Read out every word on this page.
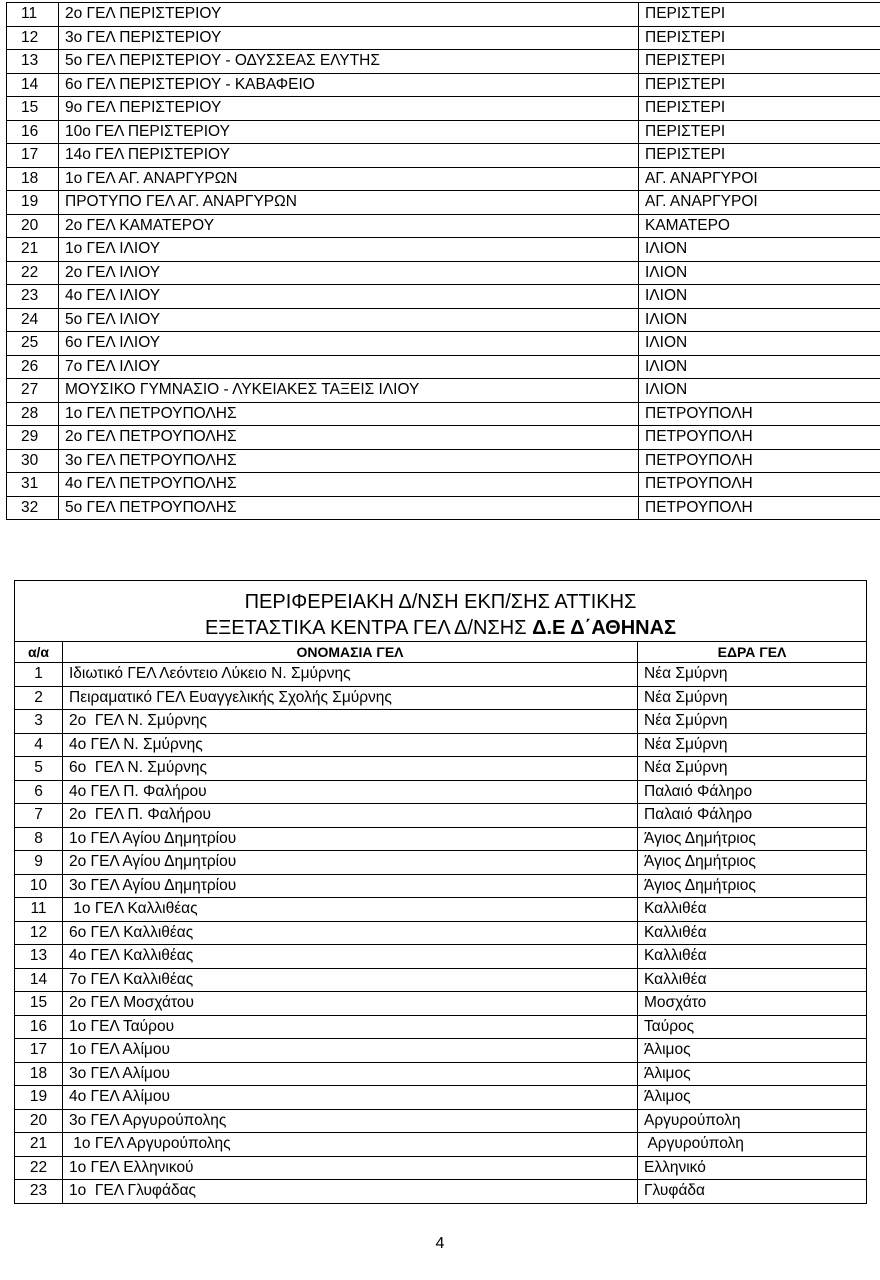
11	2ο ΓΕΛ ΠΕΡΙΣΤΕΡΙΟΥ	ΠΕΡΙΣΤΕΡΙ
12	3ο ΓΕΛ ΠΕΡΙΣΤΕΡΙΟΥ	ΠΕΡΙΣΤΕΡΙ
13	5ο ΓΕΛ ΠΕΡΙΣΤΕΡΙΟΥ - ΟΔΥΣΣΕΑΣ ΕΛΥΤΗΣ	ΠΕΡΙΣΤΕΡΙ
14	6ο ΓΕΛ ΠΕΡΙΣΤΕΡΙΟΥ - ΚΑΒΑΦΕΙΟ	ΠΕΡΙΣΤΕΡΙ
15	9ο ΓΕΛ ΠΕΡΙΣΤΕΡΙΟΥ	ΠΕΡΙΣΤΕΡΙ
16	10ο ΓΕΛ ΠΕΡΙΣΤΕΡΙΟΥ	ΠΕΡΙΣΤΕΡΙ
17	14ο ΓΕΛ ΠΕΡΙΣΤΕΡΙΟΥ	ΠΕΡΙΣΤΕΡΙ
18	1ο ΓΕΛ ΑΓ. ΑΝΑΡΓΥΡΩΝ	ΑΓ. ΑΝΑΡΓΥΡΟΙ
19	ΠΡΟΤΥΠΟ ΓΕΛ ΑΓ. ΑΝΑΡΓΥΡΩΝ	ΑΓ. ΑΝΑΡΓΥΡΟΙ
20	2ο ΓΕΛ ΚΑΜΑΤΕΡΟΥ	ΚΑΜΑΤΕΡΟ
21	1ο ΓΕΛ ΙΛΙΟΥ	ΙΛΙΟΝ
22	2ο ΓΕΛ ΙΛΙΟΥ	ΙΛΙΟΝ
23	4ο ΓΕΛ ΙΛΙΟΥ	ΙΛΙΟΝ
24	5ο ΓΕΛ ΙΛΙΟΥ	ΙΛΙΟΝ
25	6ο ΓΕΛ ΙΛΙΟΥ	ΙΛΙΟΝ
26	7ο ΓΕΛ ΙΛΙΟΥ	ΙΛΙΟΝ
27	ΜΟΥΣΙΚΟ ΓΥΜΝΑΣΙΟ - ΛΥΚΕΙΑΚΕΣ ΤΑΞΕΙΣ ΙΛΙΟΥ	ΙΛΙΟΝ
28	1ο ΓΕΛ ΠΕΤΡΟΥΠΟΛΗΣ	ΠΕΤΡΟΥΠΟΛΗ
29	2ο ΓΕΛ ΠΕΤΡΟΥΠΟΛΗΣ	ΠΕΤΡΟΥΠΟΛΗ
30	3ο ΓΕΛ ΠΕΤΡΟΥΠΟΛΗΣ	ΠΕΤΡΟΥΠΟΛΗ
31	4ο ΓΕΛ ΠΕΤΡΟΥΠΟΛΗΣ	ΠΕΤΡΟΥΠΟΛΗ
32	5ο ΓΕΛ ΠΕΤΡΟΥΠΟΛΗΣ	ΠΕΤΡΟΥΠΟΛΗ
ΠΕΡΙΦΕΡΕΙΑΚΗ Δ/ΝΣΗ ΕΚΠ/ΣΗΣ ΑΤΤΙΚΗΣ
ΕΞΕΤΑΣΤΙΚΑ ΚΕΝΤΡΑ ΓΕΛ Δ/ΝΣΗΣ Δ.Ε Δ΄ΑΘΗΝΑΣ		

α/α	ΟΝΟΜΑΣΙΑ ΓΕΛ	ΕΔΡΑ ΓΕΛ
1	Ιδιωτικό ΓΕΛ Λεόντειο Λύκειο Ν. Σμύρνης	Νέα Σμύρνη
2	Πειραματικό ΓΕΛ Ευαγγελικής Σχολής Σμύρνης	Νέα Σμύρνη
3	2ο  ΓΕΛ Ν. Σμύρνης	Νέα Σμύρνη
4	4ο ΓΕΛ Ν. Σμύρνης	Νέα Σμύρνη
5	6ο  ΓΕΛ Ν. Σμύρνης	Νέα Σμύρνη
6	4ο ΓΕΛ Π. Φαλήρου	Παλαιό Φάληρο
7	2ο  ΓΕΛ Π. Φαλήρου	Παλαιό Φάληρο
8	1ο ΓΕΛ Αγίου Δημητρίου	Άγιος Δημήτριος
9	2ο ΓΕΛ Αγίου Δημητρίου	Άγιος Δημήτριος
10	3ο ΓΕΛ Αγίου Δημητρίου	Άγιος Δημήτριος
11	1ο ΓΕΛ Καλλιθέας	Καλλιθέα
12	6ο ΓΕΛ Καλλιθέας	Καλλιθέα
13	4ο ΓΕΛ Καλλιθέας	Καλλιθέα
14	7ο ΓΕΛ Καλλιθέας	Καλλιθέα
15	2ο ΓΕΛ Μοσχάτου	Μοσχάτο
16	1ο ΓΕΛ Ταύρου	Ταύρος
17	1ο ΓΕΛ Αλίμου	Άλιμος
18	3ο ΓΕΛ Αλίμου	Άλιμος
19	4ο ΓΕΛ Αλίμου	Άλιμος
20	3ο ΓΕΛ Αργυρούπολης	Αργυρούπολη
21	1ο ΓΕΛ Αργυρούπολης	Αργυρούπολη
22	1ο ΓΕΛ Ελληνικού	Ελληνικό
23	1ο  ΓΕΛ Γλυφάδας	Γλυφάδα
4
